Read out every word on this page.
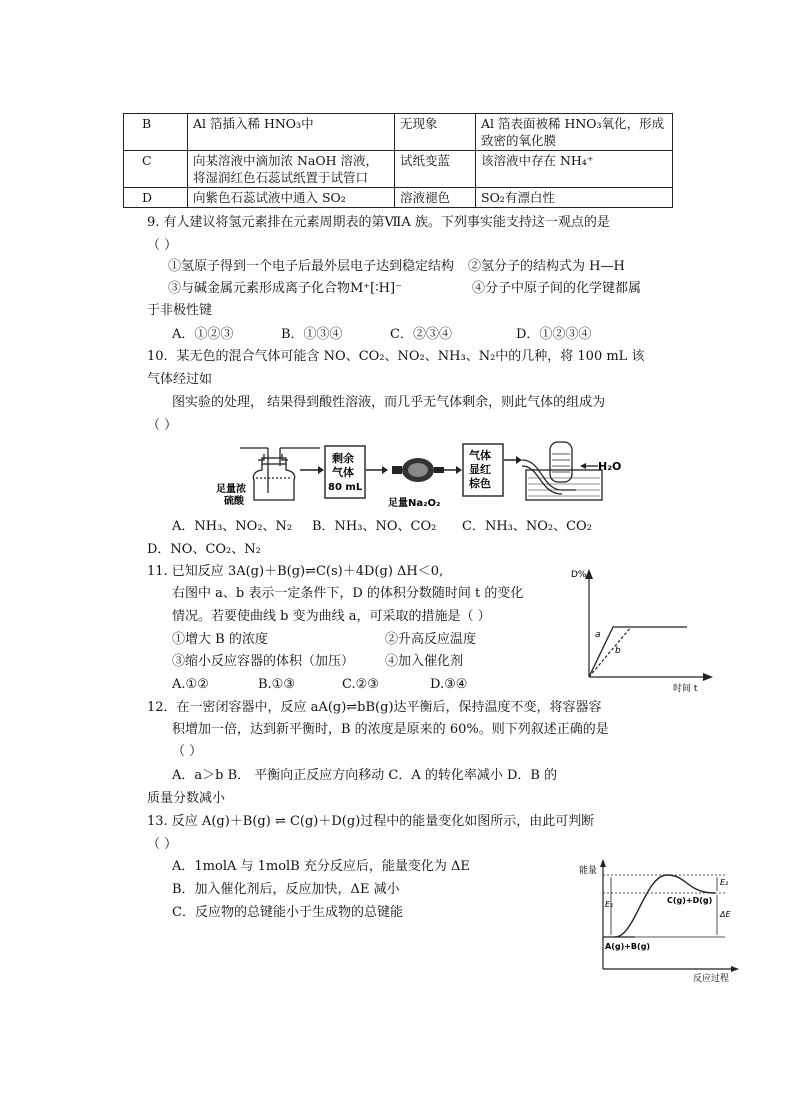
B	Al 箔插入稀 HNO₃中	无现象	Al 箔表面被稀 HNO₃氧化，形成致密的氧化膜
C	向某溶液中滴加浓 NaOH 溶液，将湿润红色石蕊试纸置于试管口	试纸变蓝	该溶液中存在 NH₄⁺
D	向紫色石蕊试液中通入 SO₂	溶液褪色	SO₂有漂白性
9. 有人建议将氢元素排在元素周期表的第ⅦA 族。下列事实能支持这一观点的是
（ ）
①氢原子得到一个电子后最外层电子达到稳定结构 ②氢分子的结构式为 H—H
③与碱金属元素形成离子化合物M⁺[∶H]⁻	④分子中原子间的化学键都属
于非极性键
A．①②③	B．①③④	C．②③④	D．①②③④
10．某无色的混合气体可能含 NO、CO₂、NO₂、NH₃、N₂中的几种，将 100 mL 该
气体经过如
图实验的处理， 结果得到酸性溶液，而几乎无气体剩余，则此气体的组成为
（ ）
足量浓
硫酸
剩余
气体
80 mL
足量Na₂O₂
气体
显红
棕色
H₂O
A．NH₃、NO₂、N₂ B．NH₃、NO、CO₂ C．NH₃、NO₂、CO₂
D．NO、CO₂、N₂
11. 已知反应 3A(g)＋B(g)⇌C(s)＋4D(g) ΔH＜0,
右图中 a、b 表示一定条件下，D 的体积分数随时间 t 的变化
情况。若要使曲线 b 变为曲线 a，可采取的措施是（ ）
①增大 B 的浓度	②升高反应温度
③缩小反应容器的体积（加压） ④加入催化剂
A.①②	B.①③	C.②③	D.③④
D%
时间 t
a
b
12．在一密闭容器中，反应 aA(g)⇌bB(g)达平衡后，保持温度不变，将容器容
积增加一倍，达到新平衡时，B 的浓度是原来的 60%。则下列叙述正确的是
（ ）
A．a＞b B． 平衡向正反应方向移动 C．A 的转化率减小 D．B 的
质量分数减小
13. 反应 A(g)＋B(g) ⇌ C(g)＋D(g)过程中的能量变化如图所示，由此可判断
（ ）
A．1molA 与 1molB 充分反应后，能量变化为 ΔE
B．加入催化剂后，反应加快，ΔE 减小
C．反应物的总键能小于生成物的总键能
能量
反应过程
E₁
E₂
ΔE
A(g)+B(g)
C(g)+D(g)
